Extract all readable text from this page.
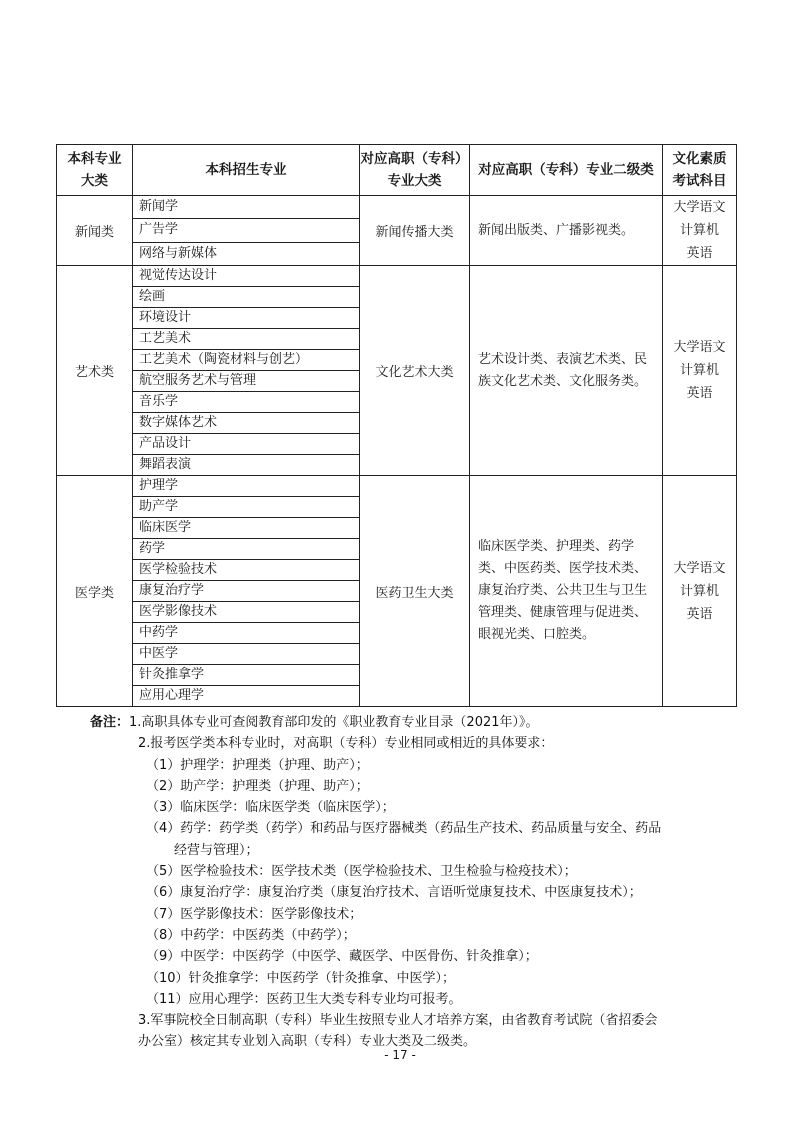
本科专业
大类	本科招生专业	对应高职（专科）
专业大类	对应高职（专科）专业二级类	文化素质
考试科目

新闻类	新闻学	新闻传播大类	新闻出版类、广播影视类。	大学语文
计算机
英语

	广告学			
	网络与新媒体			
艺术类	视觉传达设计	文化艺术大类	艺术设计类、表演艺术类、民族文化艺术类、文化服务类。	大学语文
计算机
英语

	绘画			
	环境设计			
	工艺美术			
	工艺美术（陶瓷材料与创艺）			
	航空服务艺术与管理			
	音乐学			
	数字媒体艺术			
	产品设计			
	舞蹈表演			
医学类	护理学	医药卫生大类	临床医学类、护理类、药学类、中医药类、医学技术类、康复治疗类、公共卫生与卫生管理类、健康管理与促进类、眼视光类、口腔类。	大学语文
计算机
英语

	助产学			
	临床医学			
	药学			
	医学检验技术			
	康复治疗学			
	医学影像技术			
	中药学			
	中医学			
	针灸推拿学			
	应用心理学			
备注：1.高职具体专业可查阅教育部印发的《职业教育专业目录（2021年）》。
2.报考医学类本科专业时，对高职（专科）专业相同或相近的具体要求：
（1）护理学：护理类（护理、助产）；
（2）助产学：护理类（护理、助产）；
（3）临床医学：临床医学类（临床医学）；
（4）药学：药学类（药学）和药品与医疗器械类（药品生产技术、药品质量与安全、药品
经营与管理）；
（5）医学检验技术：医学技术类（医学检验技术、卫生检验与检疫技术）；
（6）康复治疗学：康复治疗类（康复治疗技术、言语听觉康复技术、中医康复技术）；
（7）医学影像技术：医学影像技术；
（8）中药学：中医药类（中药学）；
（9）中医学：中医药学（中医学、藏医学、中医骨伤、针灸推拿）；
（10）针灸推拿学：中医药学（针灸推拿、中医学）；
（11）应用心理学：医药卫生大类专科专业均可报考。
3.军事院校全日制高职（专科）毕业生按照专业人才培养方案，由省教育考试院（省招委会
办公室）核定其专业划入高职（专科）专业大类及二级类。
- 17 -
